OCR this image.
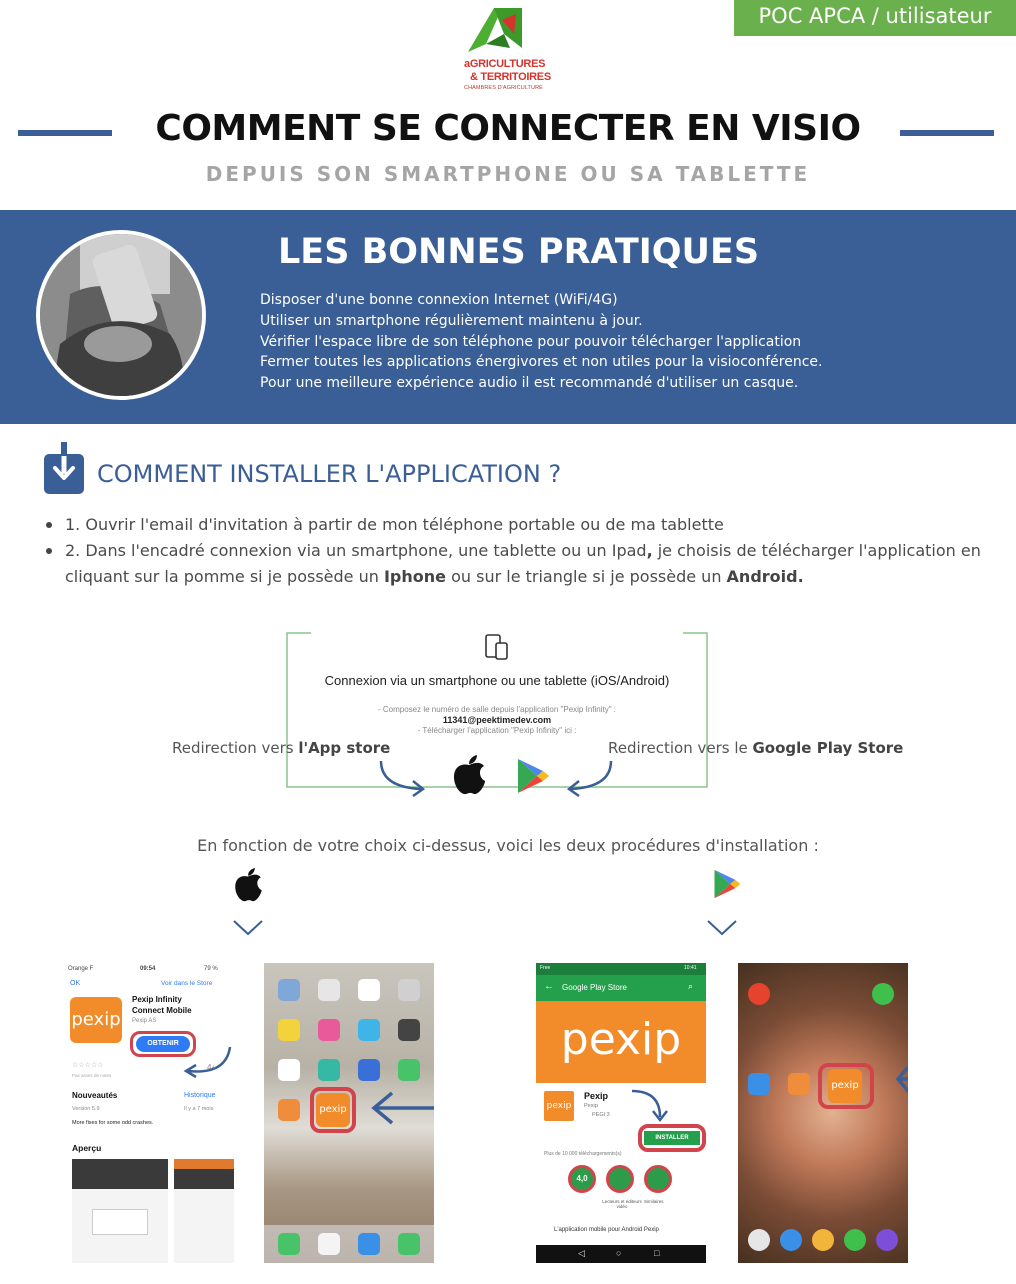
POC APCA / utilisateur
aGRICULTURES
& TERRITOIRES
CHAMBRES D'AGRICULTURE
COMMENT SE CONNECTER EN VISIO
DEPUIS SON SMARTPHONE OU SA TABLETTE
LES BONNES PRATIQUES
Disposer d'une bonne connexion Internet (WiFi/4G)
Utiliser un smartphone régulièrement maintenu à jour.
Vérifier l'espace libre de son téléphone pour pouvoir télécharger l'application
Fermer toutes les applications énergivores et non utiles pour la visioconférence.
Pour une meilleure expérience audio il est recommandé d'utiliser un casque.
COMMENT INSTALLER L'APPLICATION ?
1. Ouvrir l'email d'invitation à partir de mon téléphone portable ou de ma tablette
2. Dans l'encadré connexion via un smartphone, une tablette ou un Ipad, je choisis de télécharger l'application en cliquant sur la pomme si je possède un Iphone ou sur le triangle si je possède un Android.
Connexion via un smartphone ou une tablette (iOS/Android)
- Composez le numéro de salle depuis l'application "Pexip Infinity" :
11341@peektimedev.com
- Télécharger l'application "Pexip Infinity" ici :
Redirection vers l'App store	Redirection vers le Google Play Store
En fonction de votre choix ci-dessus, voici les deux procédures d'installation :
Orange F	09:54	79 %
OK	Voir dans le Store
pexip
Pexip Infinity
Connect Mobile
Pexip AS
OBTENIR
4+
☆☆☆☆☆
Pas assez de notes
Nouveautés	Historique
Version 5.9	Il y a 7 mois
More fixes for some odd crashes.
Aperçu
pexip
Free	10:41
← Google Play Store	⌕
pexip
pexip
Pexip
Pexip
PEGI 3
INSTALLER
Plus de 10 000 téléchargements(s)
4,0
Lecteurs et éditeurs vidéo
Similaires
L'application mobile pour Android Pexip
◁	○	□
pexip
